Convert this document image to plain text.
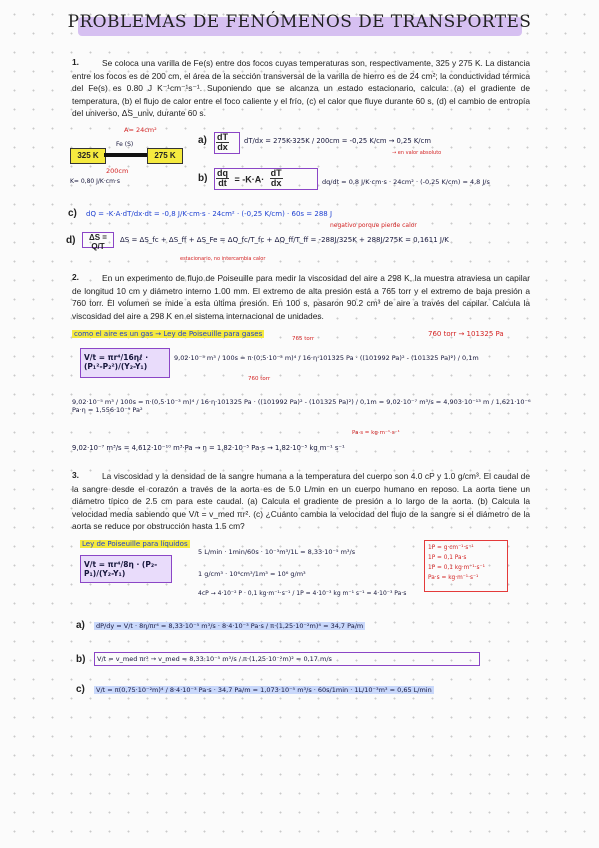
PROBLEMAS DE FENÓMENOS DE TRANSPORTES
1.	Se coloca una varilla de Fe(s) entre dos focos cuyas temperaturas son, respectivamente, 325 y 275 K. La distancia entre los focos es de 200 cm, el área de la sección transversal de la varilla de hierro es de 24 cm²; la conductividad térmica del Fe(s) es 0.80 J K⁻¹cm⁻¹s⁻¹. Suponiendo que se alcanza un estado estacionario, calcula: (a) el gradiente de temperatura, (b) el flujo de calor entre el foco caliente y el frío, (c) el calor que fluye durante 60 s, (d) el cambio de entropía del universo, ΔS_univ, durante 60 s.
325 K
Fe (S)
275 K
200cm
K= 0,80 J/K·cm·s
A= 24cm²
$a) \frac{dT}{dx} dT/dx = 275K-325K / 200cm = -0,25$ K/cm → 0,25 K/cm
→ en valor absoluto
$b) \frac{dq}{dt} = -K\cdot A\cdot \frac{dT}{dx}$	dq/dt = 0,8 J/K·cm·s · 24cm² · (-0,25 K/cm) = 4,8 J/s
c) dQ = -K·A·dT/dx·dt = -0,8 J/K·cm·s · 24cm² · (-0,25 K/cm) · 60s = 288 J
d)	ΔS = Q/T
ΔS = ΔS_fc + ΔS_ff + ΔS_Fe = ΔQ_fc/T_fc + ΔQ_ff/T_ff = -288J/325K + 288J/275K = 0,1611 J/K
negativo porque pierde calor
estacionario, no intercambia calor
2.	En un experimento de flujo de Poiseuille para medir la viscosidad del aire a 298 K, la muestra atraviesa un capilar de longitud 10 cm y diámetro interno 1.00 mm. El extremo de alta presión está a 765 torr y el extremo de baja presión a 760 torr. El volumen se mide a esta última presión. En 100 s, pasaron 90.2 cm³ de aire a través del capilar. Calcula la viscosidad del aire a 298 K en el sistema internacional de unidades.
como el aire es un gas → Ley de Poiseuille para gases	760 torr → 101325 Pa
V/t = πr⁴/16ηℓ · (P₁²-P₂²)/(Y₂-Y₁)
765 torr
9,02·10⁻⁵ m³ / 100s = π·(0,5·10⁻³ m)⁴ / 16·η·101325 Pa · ((101992 Pa)² - (101325 Pa)²) / 0,1m
760 torr
9,02·10⁻⁵ m³ / 100s = π·(0,5·10⁻³ m)⁴ / 16·η·101325 Pa · ((101992 Pa)² - (101325 Pa)²) / 0,1m = 9,02·10⁻⁷ m³/s = 4,903·10⁻¹³ m / 1,621·10⁻⁶ Pa·η = 1,556·10⁻⁹ Pa²
Pa·s = kg·m⁻¹·s⁻¹
9,02·10⁻⁷ m³/s = 4,612·10⁻¹⁰ m³·Pa → η = 1,82·10⁻⁵ Pa·s → 1,82·10⁻⁵ kg m⁻¹ s⁻¹
3.	La viscosidad y la densidad de la sangre humana a la temperatura del cuerpo son 4.0 cP y 1.0 g/cm³. El caudal de la sangre desde el corazón a través de la aorta es de 5.0 L/min en un cuerpo humano en reposo. La aorta tiene un diámetro típico de 2.5 cm para este caudal. (a) Calcula el gradiente de presión a lo largo de la aorta. (b) Calcula la velocidad media sabiendo que V/t = v_med πr². (c) ¿Cuánto cambia la velocidad del flujo de la sangre si el diámetro de la aorta se reduce por obstrucción hasta 1.5 cm?
Ley de Poiseuille para líquidos
V/t = πr⁴/8η · (P₂-P₁)/(Y₂-Y₁)
5 L/min · 1min/60s · 10⁻³m³/1L = 8,33·10⁻⁵ m³/s
1 g/cm³ · 10⁶cm³/1m³ = 10⁶ g/m³
4cP → 4·10⁻² P · 0,1 kg·m⁻¹·s⁻¹ / 1P = 4·10⁻³ kg m⁻¹ s⁻¹ = 4·10⁻³ Pa·s
1P = g·cm⁻¹·s⁻¹
1P = 0,1 Pa·s
1P = 0,1 kg·m⁻¹·s⁻¹
Pa·s = kg·m⁻¹·s⁻¹
a)	dP/dy = V/t · 8η/πr⁴ = 8,33·10⁻⁵ m³/s · 8·4·10⁻³ Pa·s / π·(1,25·10⁻²m)⁴ = 34,7 Pa/m
b)	V/t = v_med πr² → v_med = 8,33·10⁻⁵ m³/s / π·(1,25·10⁻²m)² = 0,17 m/s
c)	V/t = π(0,75·10⁻²m)⁴ / 8·4·10⁻³ Pa·s · 34,7 Pa/m = 1,073·10⁻⁵ m³/s · 60s/1min · 1L/10⁻³m³ = 0,65 L/min
